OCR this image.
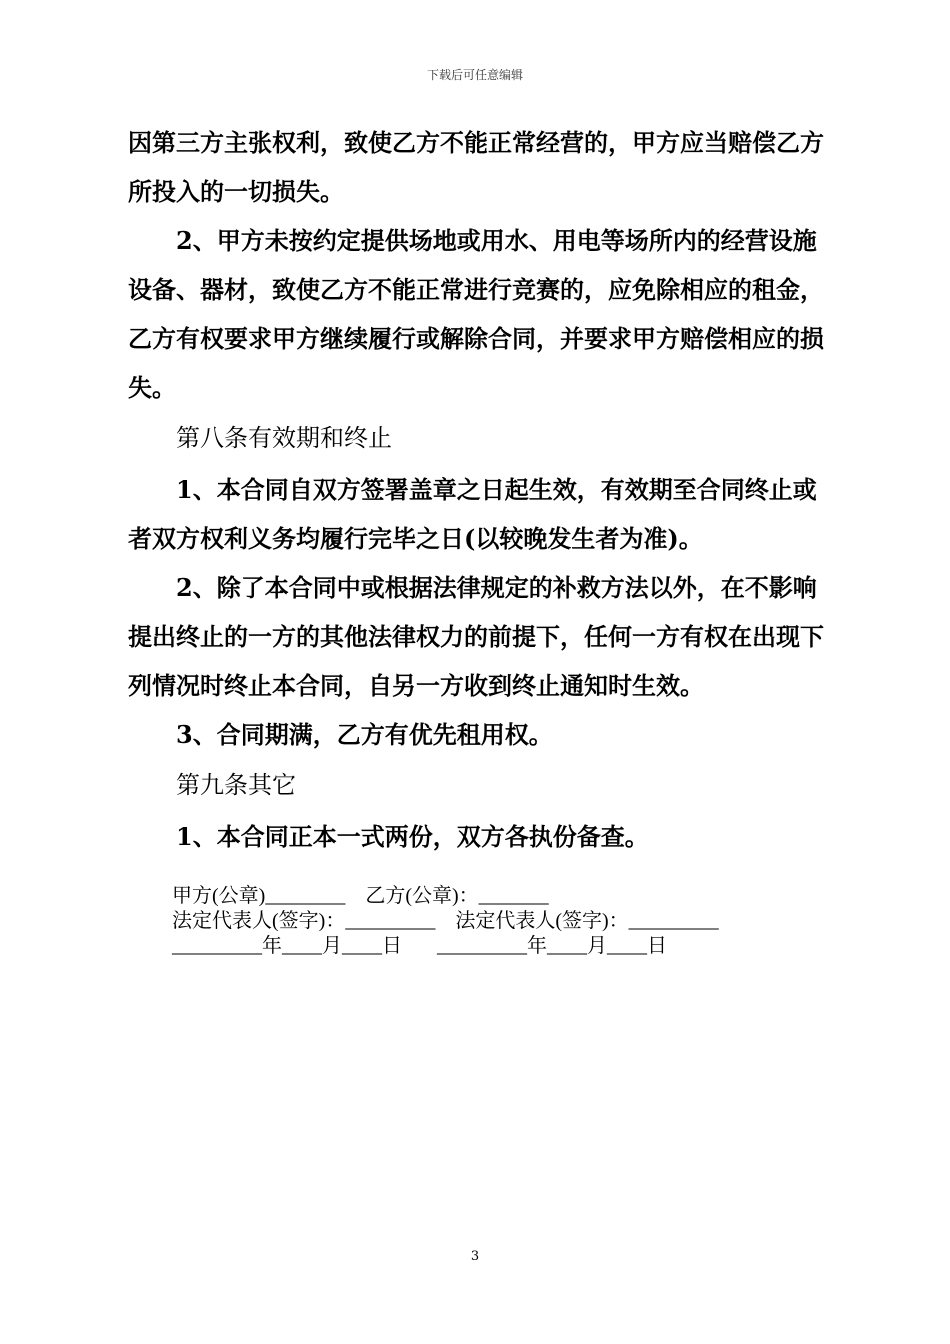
下载后可任意编辑

因第三方主张权利，致使乙方不能正常经营的，甲方应当赔偿乙方所投入的一切损失。

2、甲方未按约定提供场地或用水、用电等场所内的经营设施设备、器材，致使乙方不能正常进行竞赛的，应免除相应的租金，乙方有权要求甲方继续履行或解除合同，并要求甲方赔偿相应的损失。

第八条有效期和终止

1、本合同自双方签署盖章之日起生效，有效期至合同终止或者双方权利义务均履行完毕之日(以较晚发生者为准)。

2、除了本合同中或根据法律规定的补救方法以外，在不影响提出终止的一方的其他法律权力的前提下，任何一方有权在出现下列情况时终止本合同，自另一方收到终止通知时生效。

3、合同期满，乙方有优先租用权。

第九条其它

1、本合同正本一式两份，双方各执份备查。

甲方(公章)________    乙方(公章)：_______
法定代表人(签字)：_________    法定代表人(签字)：_________
_________年____月____日       _________年____月____日
3
